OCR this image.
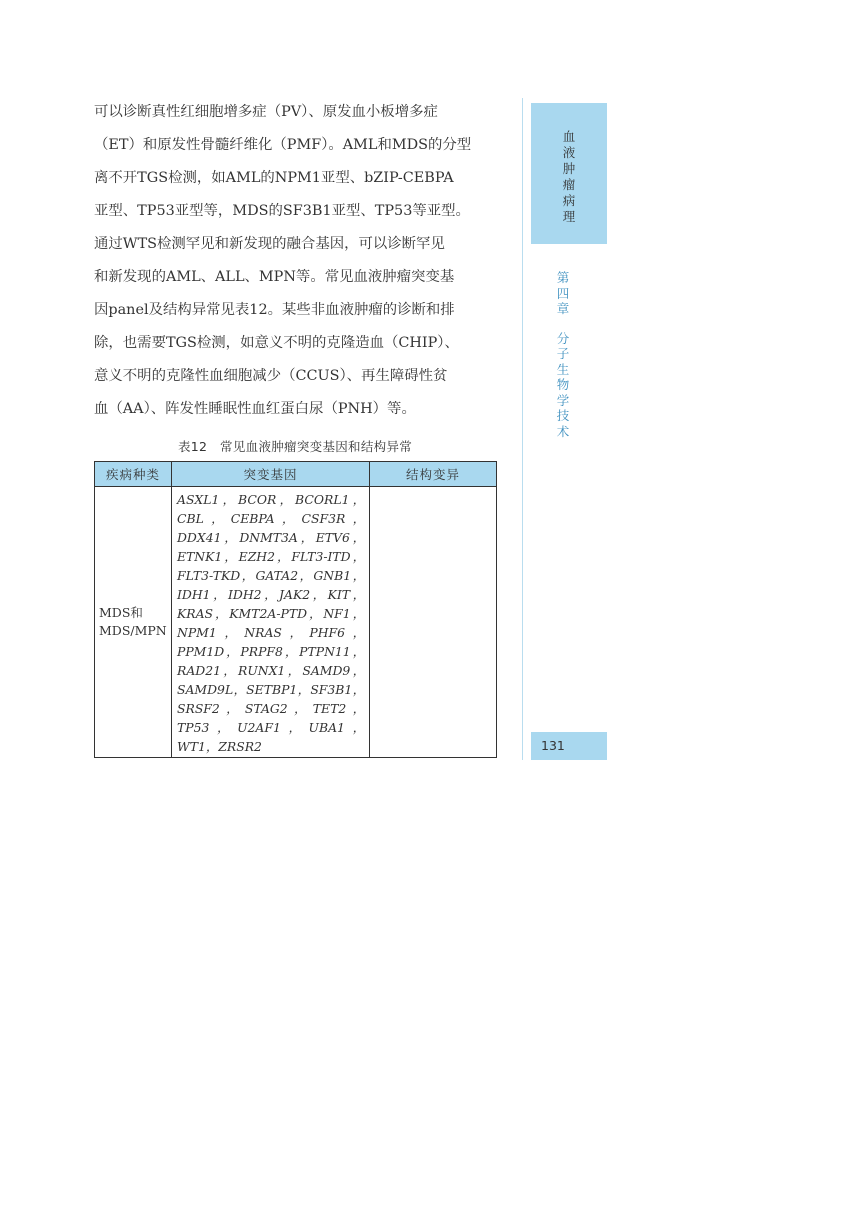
可以诊断真性红细胞增多症（PV）、原发血小板增多症

（ET）和原发性骨髓纤维化（PMF）。AML和MDS的分型

离不开TGS检测，如AML的NPM1亚型、bZIP-CEBPA

亚型、TP53亚型等，MDS的SF3B1亚型、TP53等亚型。

通过WTS检测罕见和新发现的融合基因，可以诊断罕见

和新发现的AML、ALL、MPN等。常见血液肿瘤突变基

因panel及结构异常见表12。某些非血液肿瘤的诊断和排

除，也需要TGS检测，如意义不明的克隆造血（CHIP）、

意义不明的克隆性血细胞减少（CCUS）、再生障碍性贫

血（AA）、阵发性睡眠性血红蛋白尿（PNH）等。

表12　常见血液肿瘤突变基因和结构异常
疾病种类	突变基因	结构变异
MDS和 MDS/MPN	ASXL1，BCOR，BCORL1，CBL，CEBPA，CSF3R，DDX41，DNMT3A，ETV6，ETNK1，EZH2，FLT3-ITD，FLT3-TKD，GATA2，GNB1，IDH1，IDH2，JAK2，KIT，KRAS，KMT2A-PTD，NF1，NPM1，NRAS，PHF6，PPM1D，PRPF8，PTPN11，RAD21，RUNX1，SAMD9，SAMD9L，SETBP1，SF3B1，SRSF2，STAG2，TET2，TP53，U2AF1，UBA1，WT1，ZRSR2	
血
液
肿
瘤
病
理
第
四
章
分
子
生
物
学
技
术
131
